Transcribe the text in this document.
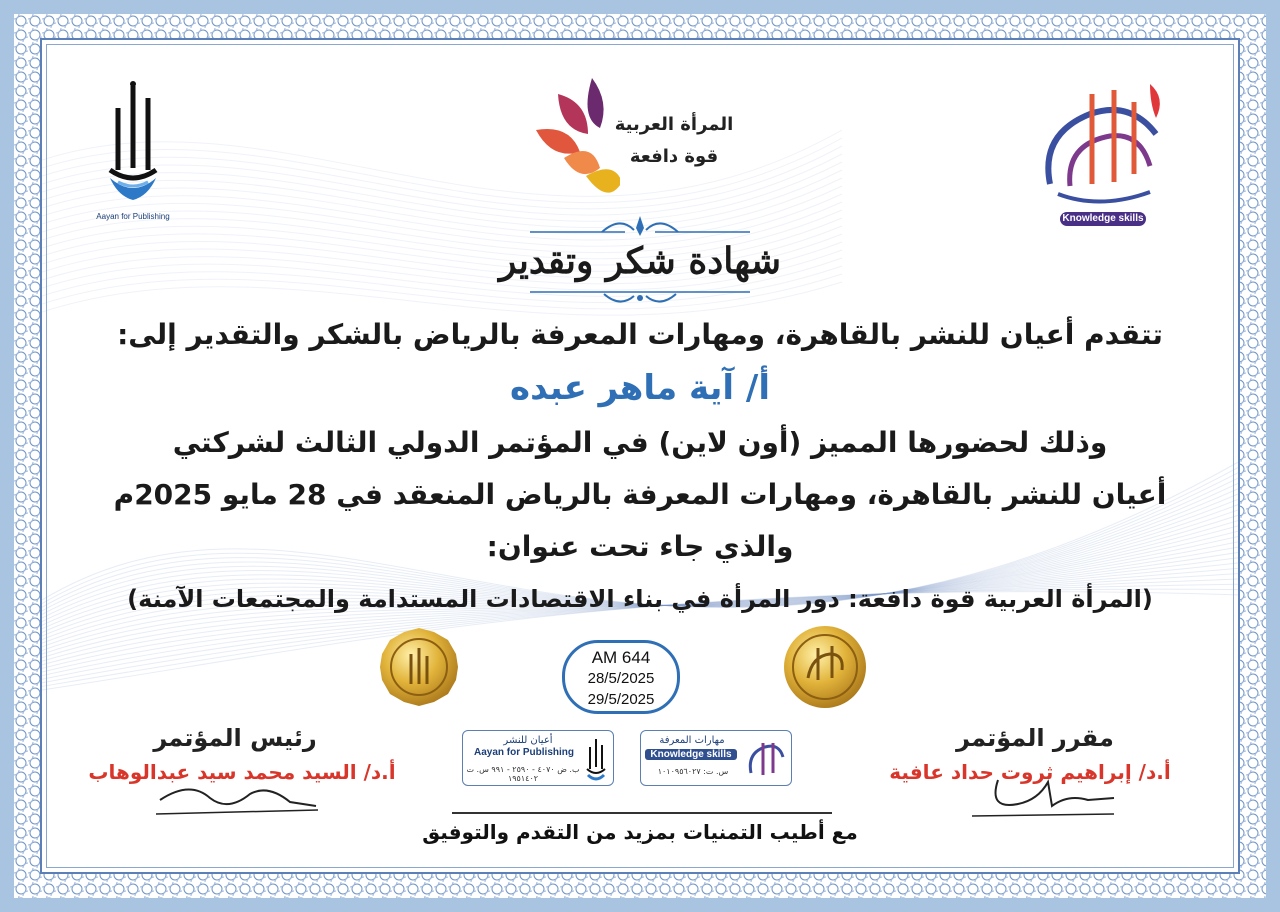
Aayan for Publishing
المرأة العربية
قوة دافعة
Knowledge skills
شهادة شكر وتقدير
تتقدم أعيان للنشر بالقاهرة، ومهارات المعرفة بالرياض بالشكر والتقدير إلى:
أ/ آية ماهر عبده
وذلك لحضورها المميز (أون لاين) في المؤتمر الدولي الثالث لشركتي
أعيان للنشر بالقاهرة، ومهارات المعرفة بالرياض المنعقد في 28 مايو 2025م
والذي جاء تحت عنوان:
(المرأة العربية قوة دافعة: دور المرأة في بناء الاقتصادات المستدامة والمجتمعات الآمنة)
AM 644
28/5/2025
29/5/2025
أعيان للنشر
Aayan for Publishing
ب. ض ٤٠٧٠ - ٢٥٩٠ - ٩٩١ س. ت ١٩٥١٤٠٢
مهارات المعرفة
Knowledge skills
س. ت: ١٠١٠٩٥٦٠٢٧
رئيس المؤتمر
أ.د/ السيد محمد سيد عبدالوهاب
مقرر المؤتمر
أ.د/ إبراهيم ثروت حداد عافية
مع أطيب التمنيات بمزيد من التقدم والتوفيق
